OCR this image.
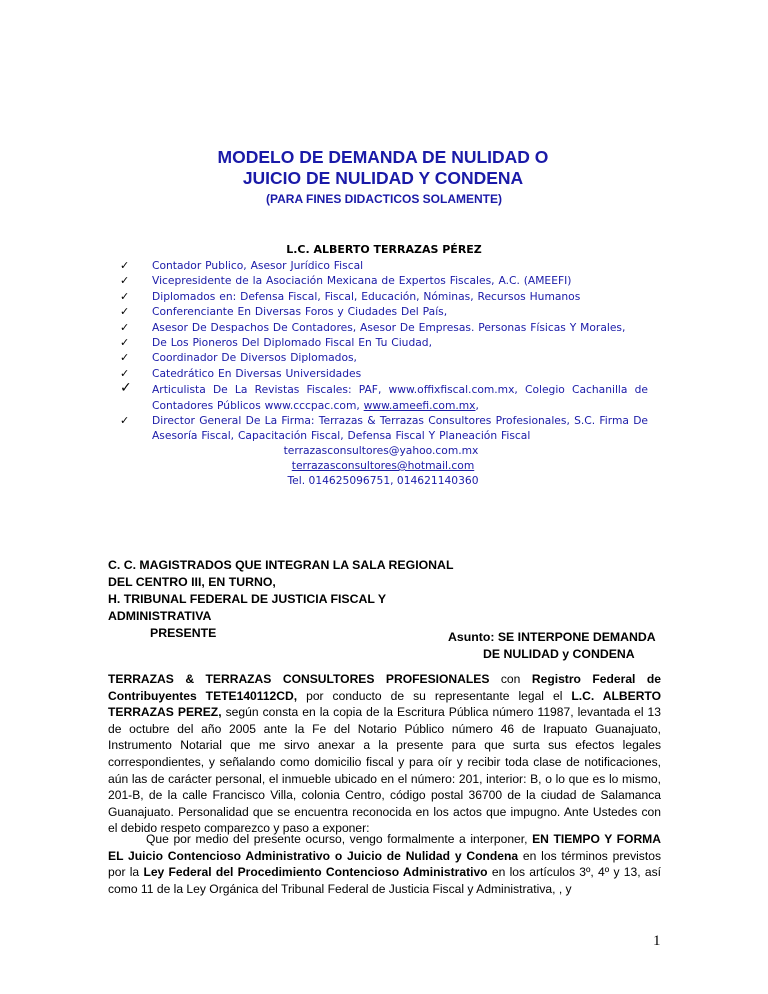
MODELO DE DEMANDA DE NULIDAD O
JUICIO DE NULIDAD Y CONDENA
(PARA FINES DIDACTICOS SOLAMENTE)
L.C. ALBERTO TERRAZAS PÉREZ
✓ Contador Publico, Asesor Jurídico Fiscal
✓ Vicepresidente de la Asociación Mexicana de Expertos Fiscales, A.C. (AMEEFI)
✓ Diplomados en: Defensa Fiscal, Fiscal, Educación, Nóminas, Recursos Humanos
✓ Conferenciante En Diversas Foros y Ciudades Del País,
✓ Asesor De Despachos De Contadores, Asesor De Empresas. Personas Físicas Y Morales,
✓ De Los Pioneros Del Diplomado Fiscal En Tu Ciudad,
✓ Coordinador De Diversos Diplomados,
✓ Catedrático En Diversas Universidades
✓ Articulista De La Revistas Fiscales: PAF, www.offixfiscal.com.mx, Colegio Cachanilla de Contadores Públicos www.cccpac.com, www.ameefi.com.mx,
✓ Director General De La Firma: Terrazas & Terrazas Consultores Profesionales, S.C. Firma De Asesoría Fiscal, Capacitación Fiscal, Defensa Fiscal Y Planeación Fiscal
terrazasconsultores@yahoo.com.mx
terrazasconsultores@hotmail.com
Tel. 014625096751, 014621140360
C. C. MAGISTRADOS QUE INTEGRAN LA SALA REGIONAL
DEL CENTRO III, EN TURNO,
H. TRIBUNAL FEDERAL DE JUSTICIA FISCAL Y
ADMINISTRATIVA
PRESENTE	Asunto: SE INTERPONE DEMANDA
DE NULIDAD y CONDENA
TERRAZAS & TERRAZAS CONSULTORES PROFESIONALES con Registro Federal de Contribuyentes TETE140112CD, por conducto de su representante legal el L.C. ALBERTO TERRAZAS PEREZ, según consta en la copia de la Escritura Pública número 11987, levantada el 13 de octubre del año 2005 ante la Fe del Notario Público número 46 de Irapuato Guanajuato, Instrumento Notarial que me sirvo anexar a la presente para que surta sus efectos legales correspondientes, y señalando como domicilio fiscal y para oír y recibir toda clase de notificaciones, aún las de carácter personal, el inmueble ubicado en el número: 201, interior: B, o lo que es lo mismo, 201-B, de la calle Francisco Villa, colonia Centro, código postal 36700 de la ciudad de Salamanca Guanajuato. Personalidad que se encuentra reconocida en los actos que impugno. Ante Ustedes con el debido respeto comparezco y paso a exponer:
Que por medio del presente ocurso, vengo formalmente a interponer, EN TIEMPO Y FORMA EL Juicio Contencioso Administrativo o Juicio de Nulidad y Condena en los términos previstos por la Ley Federal del Procedimiento Contencioso Administrativo en los artículos 3º, 4º y 13, así como 11 de la Ley Orgánica del Tribunal Federal de Justicia Fiscal y Administrativa, , y
1
